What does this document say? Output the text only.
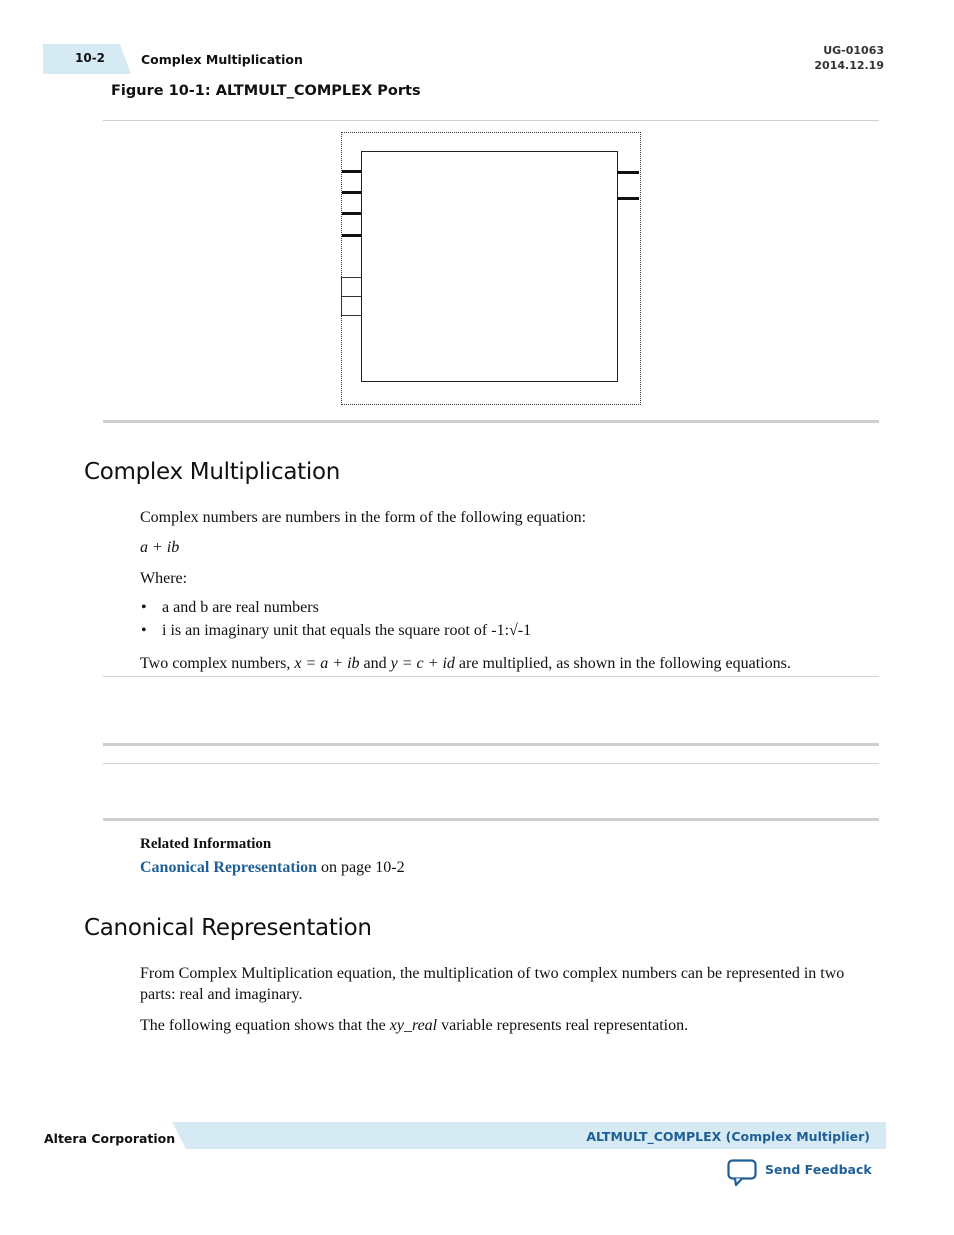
10-2	Complex Multiplication
UG-01063
2014.12.19
Figure 10-1: ALTMULT_COMPLEX Ports
Complex Multiplication
Complex numbers are numbers in the form of the following equation:
a + ib
Where:
• a and b are real numbers
• i is an imaginary unit that equals the square root of -1:√-1
Two complex numbers, x = a + ib and y = c + id are multiplied, as shown in the following equations.
Related Information
Canonical Representation on page 10-2
Canonical Representation
From Complex Multiplication equation, the multiplication of two complex numbers can be represented in two parts: real and imaginary.
The following equation shows that the xy_real variable represents real representation.
Altera Corporation	ALTMULT_COMPLEX (Complex Multiplier)
Send Feedback
